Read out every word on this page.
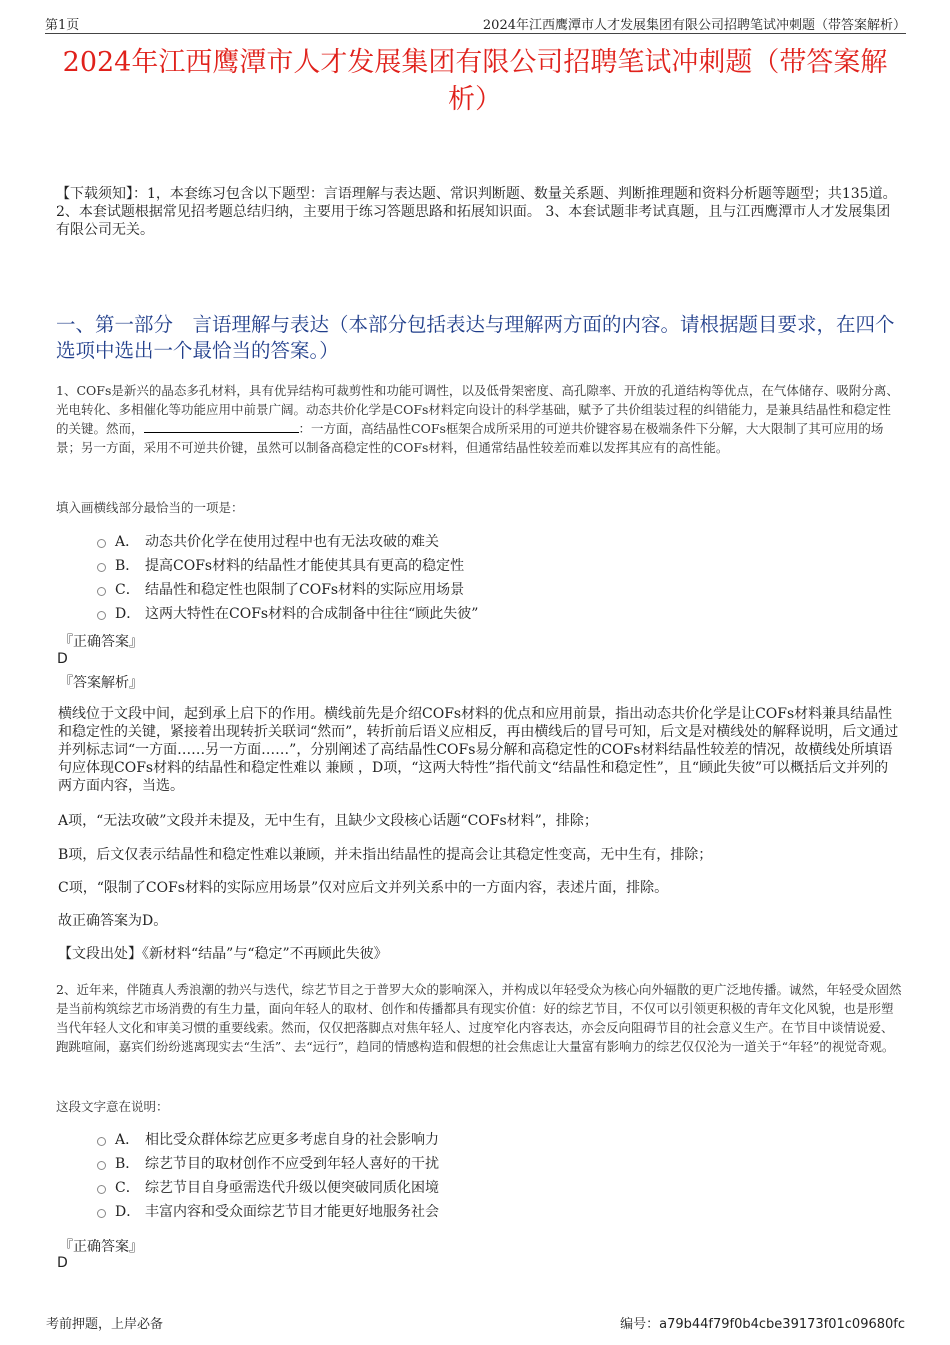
第1页	2024年江西鹰潭市人才发展集团有限公司招聘笔试冲刺题（带答案解析）
2024年江西鹰潭市人才发展集团有限公司招聘笔试冲刺题（带答案解析）
【下载须知】：1，本套练习包含以下题型：言语理解与表达题、常识判断题、数量关系题、判断推理题和资料分析题等题型；共135道。 2、本套试题根据常见招考题总结归纳，主要用于练习答题思路和拓展知识面。 3、本套试题非考试真题，且与江西鹰潭市人才发展集团有限公司无关。
一、第一部分　言语理解与表达（本部分包括表达与理解两方面的内容。请根据题目要求，在四个选项中选出一个最恰当的答案。）
1、COFs是新兴的晶态多孔材料，具有优异结构可裁剪性和功能可调性，以及低骨架密度、高孔隙率、开放的孔道结构等优点，在气体储存、吸附分离、光电转化、多相催化等功能应用中前景广阔。动态共价化学是COFs材料定向设计的科学基础，赋予了共价组装过程的纠错能力，是兼具结晶性和稳定性的关键。然而，	：一方面，高结晶性COFs框架合成所采用的可逆共价键容易在极端条件下分解，大大限制了其可应用的场景；另一方面，采用不可逆共价键，虽然可以制备高稳定性的COFs材料，但通常结晶性较差而难以发挥其应有的高性能。
填入画横线部分最恰当的一项是：
A． 动态共价化学在使用过程中也有无法攻破的难关
B． 提高COFs材料的结晶性才能使其具有更高的稳定性
C． 结晶性和稳定性也限制了COFs材料的实际应用场景
D． 这两大特性在COFs材料的合成制备中往往“顾此失彼”
『正确答案』
D
『答案解析』
横线位于文段中间，起到承上启下的作用。横线前先是介绍COFs材料的优点和应用前景，指出动态共价化学是让COFs材料兼具结晶性和稳定性的关键，紧接着出现转折关联词“然而”，转折前后语义应相反，再由横线后的冒号可知，后文是对横线处的解释说明，后文通过并列标志词“一方面……另一方面……”，分别阐述了高结晶性COFs易分解和高稳定性的COFs材料结晶性较差的情况，故横线处所填语句应体现COFs材料的结晶性和稳定性难以 兼顾 ，D项，“这两大特性”指代前文“结晶性和稳定性”，且“顾此失彼”可以概括后文并列的两方面内容，当选。
A项，“无法攻破”文段并未提及，无中生有，且缺少文段核心话题“COFs材料”，排除；
B项，后文仅表示结晶性和稳定性难以兼顾，并未指出结晶性的提高会让其稳定性变高，无中生有，排除；
C项，“限制了COFs材料的实际应用场景”仅对应后文并列关系中的一方面内容，表述片面，排除。
故正确答案为D。
【文段出处】《新材料“结晶”与“稳定”不再顾此失彼》
2、近年来，伴随真人秀浪潮的勃兴与迭代，综艺节目之于普罗大众的影响深入，并构成以年轻受众为核心向外辐散的更广泛地传播。诚然，年轻受众固然是当前构筑综艺市场消费的有生力量，面向年轻人的取材、创作和传播都具有现实价值：好的综艺节目，不仅可以引领更积极的青年文化风貌，也是形塑当代年轻人文化和审美习惯的重要线索。然而，仅仅把落脚点对焦年轻人、过度窄化内容表达，亦会反向阻碍节目的社会意义生产。在节目中谈情说爱、跑跳喧闹，嘉宾们纷纷逃离现实去“生活”、去“远行”，趋同的情感构造和假想的社会焦虑让大量富有影响力的综艺仅仅沦为一道关于“年轻”的视觉奇观。
这段文字意在说明：
A． 相比受众群体综艺应更多考虑自身的社会影响力
B． 综艺节目的取材创作不应受到年轻人喜好的干扰
C． 综艺节目自身亟需迭代升级以便突破同质化困境
D． 丰富内容和受众面综艺节目才能更好地服务社会
『正确答案』
D
考前押题，上岸必备	编号：a79b44f79f0b4cbe39173f01c09680fc
